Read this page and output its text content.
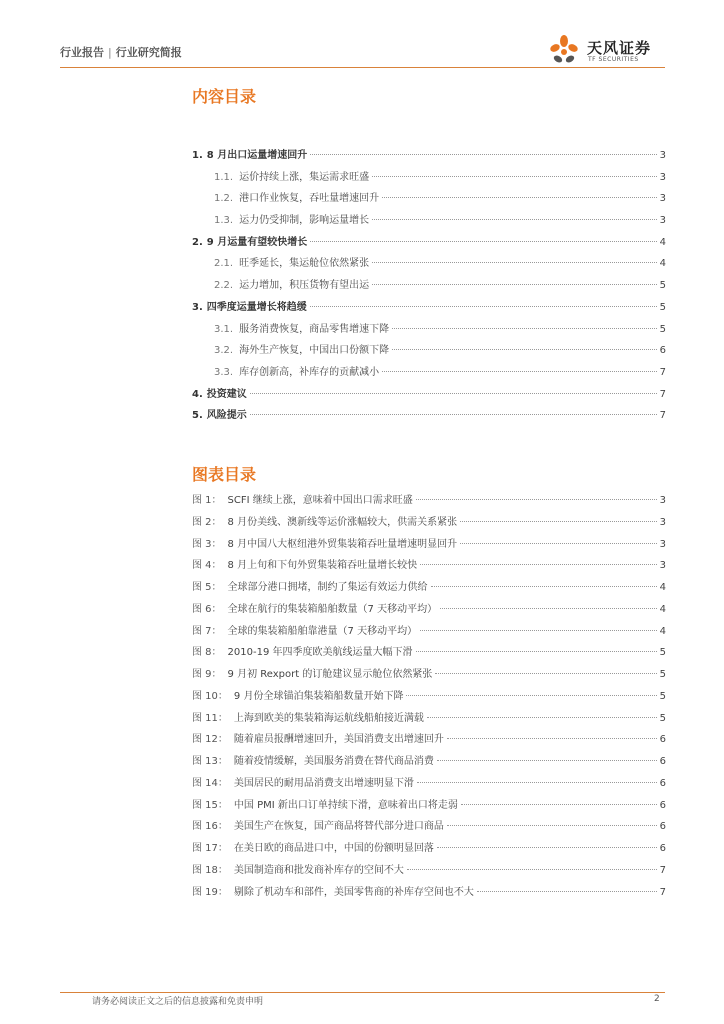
行业报告 | 行业研究简报	天风证券
TF SECURITIES
内容目录
1. 8 月出口运量增速回升	3
1.1. 运价持续上涨，集运需求旺盛	3
1.2. 港口作业恢复，吞吐量增速回升	3
1.3. 运力仍受抑制，影响运量增长	3
2. 9 月运量有望较快增长	4
2.1. 旺季延长，集运舱位依然紧张	4
2.2. 运力增加，积压货物有望出运	5
3. 四季度运量增长将趋缓	5
3.1. 服务消费恢复，商品零售增速下降	5
3.2. 海外生产恢复，中国出口份额下降	6
3.3. 库存创新高，补库存的贡献减小	7
4. 投资建议	7
5. 风险提示	7
图表目录
图 1： SCFI 继续上涨，意味着中国出口需求旺盛	3
图 2： 8 月份美线、澳新线等运价涨幅较大，供需关系紧张	3
图 3： 8 月中国八大枢纽港外贸集装箱吞吐量增速明显回升	3
图 4： 8 月上旬和下旬外贸集装箱吞吐量增长较快	3
图 5： 全球部分港口拥堵，制约了集运有效运力供给	4
图 6： 全球在航行的集装箱船舶数量（7 天移动平均）	4
图 7： 全球的集装箱船舶靠港量（7 天移动平均）	4
图 8： 2010-19 年四季度欧美航线运量大幅下滑	5
图 9： 9 月初 Rexport 的订舱建议显示舱位依然紧张	5
图 10： 9 月份全球锚泊集装箱船数量开始下降	5
图 11： 上海到欧美的集装箱海运航线船舶接近满载	5
图 12： 随着雇员报酬增速回升，美国消费支出增速回升	6
图 13： 随着疫情缓解，美国服务消费在替代商品消费	6
图 14： 美国居民的耐用品消费支出增速明显下滑	6
图 15： 中国 PMI 新出口订单持续下滑，意味着出口将走弱	6
图 16： 美国生产在恢复，国产商品将替代部分进口商品	6
图 17： 在美日欧的商品进口中，中国的份额明显回落	6
图 18： 美国制造商和批发商补库存的空间不大	7
图 19： 剔除了机动车和部件，美国零售商的补库存空间也不大	7
请务必阅读正文之后的信息披露和免责申明	2
